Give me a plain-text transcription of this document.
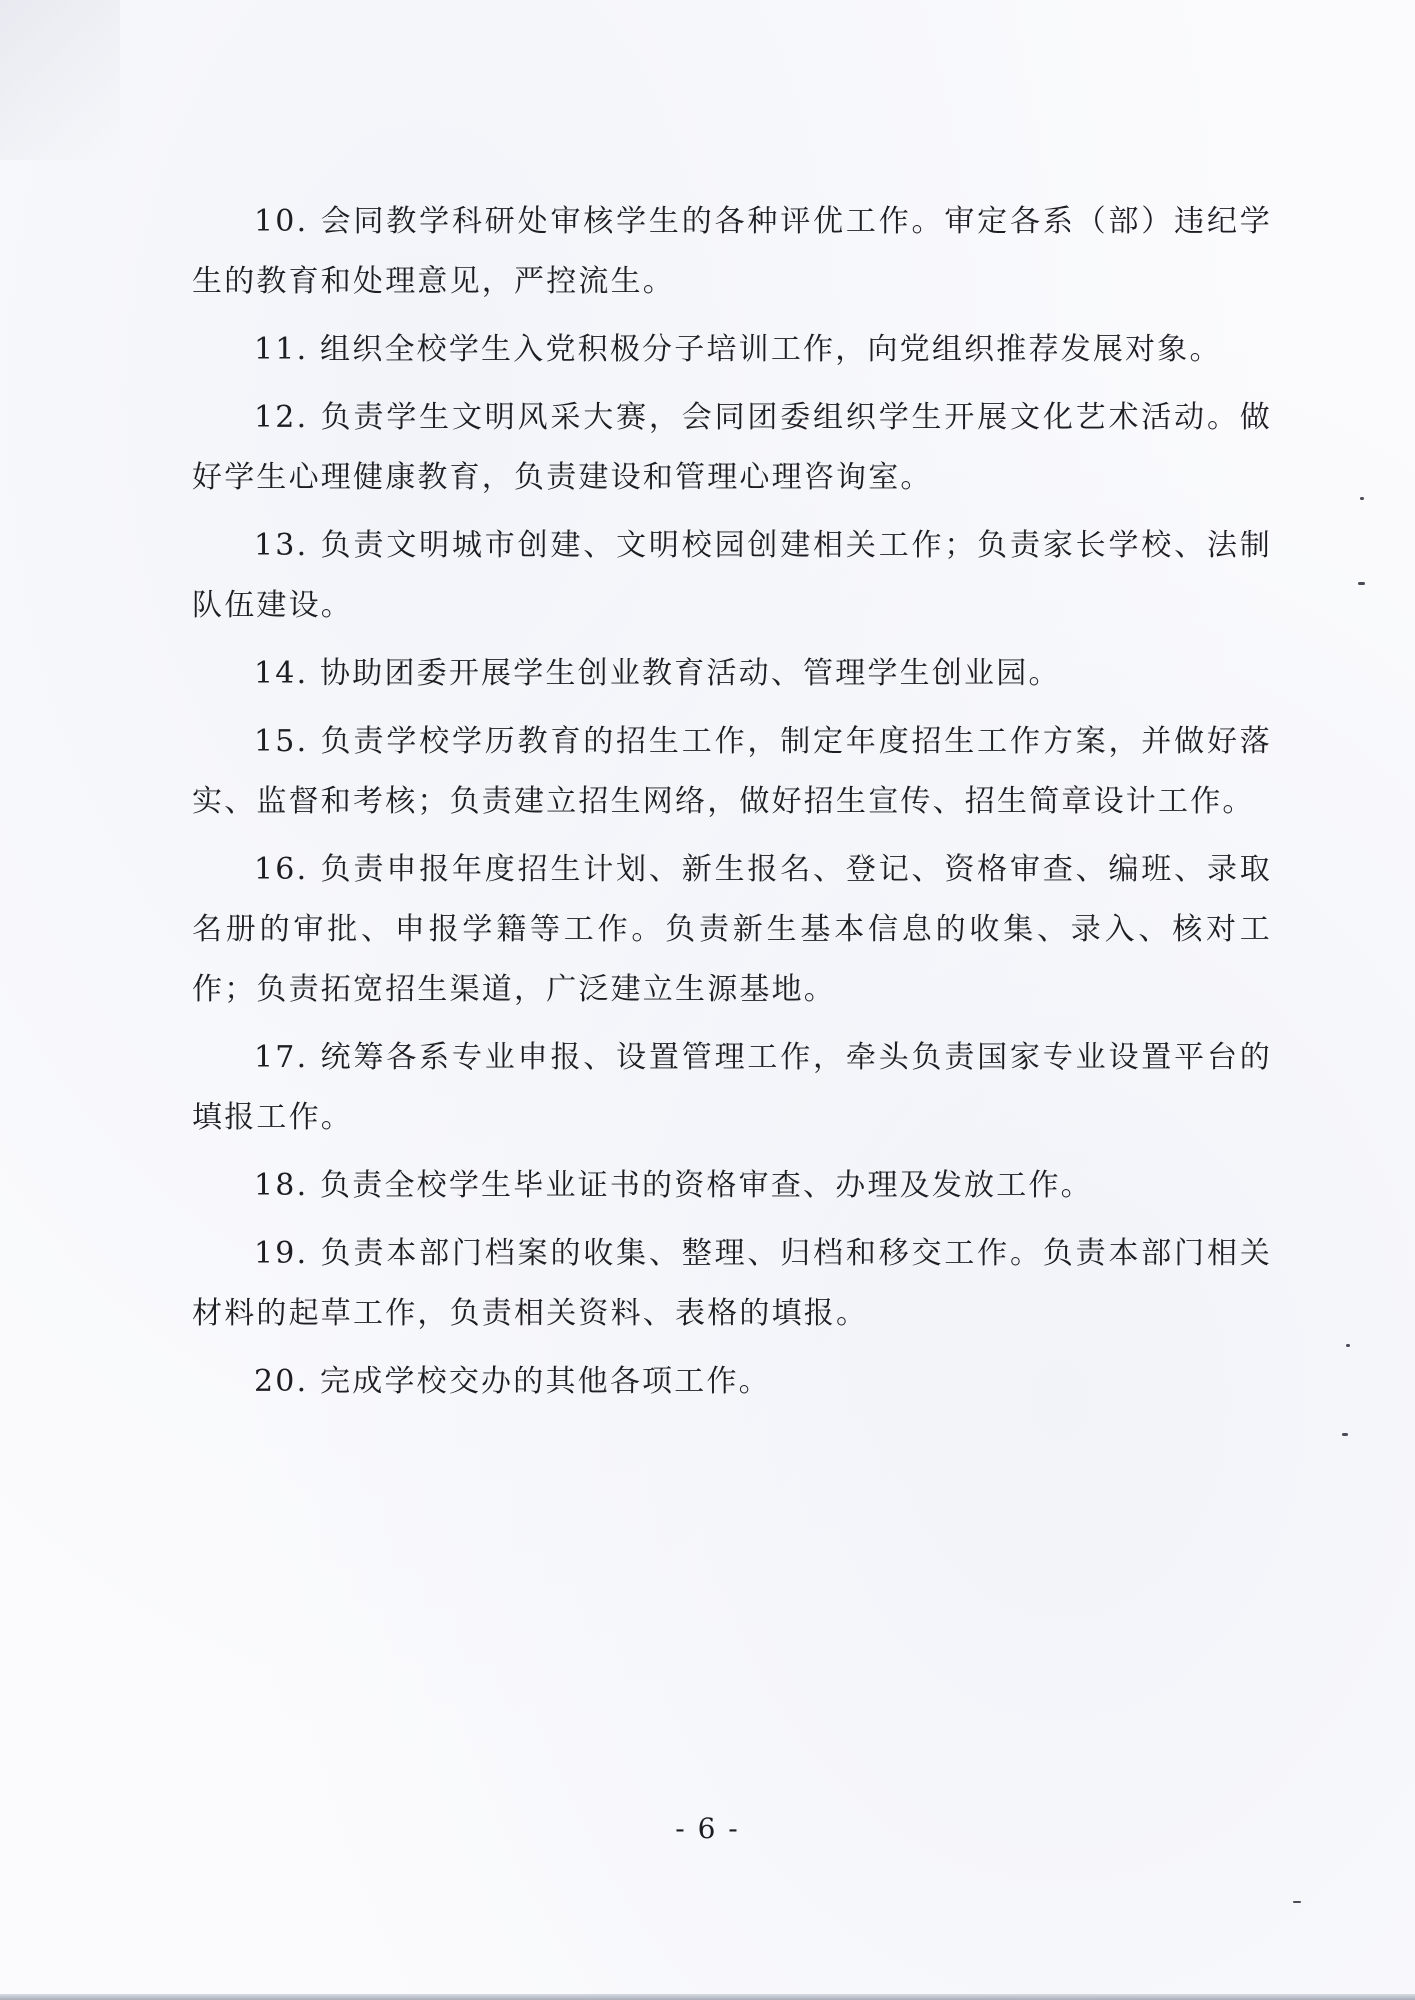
10. 会同教学科研处审核学生的各种评优工作。审定各系（部）违纪学生的教育和处理意见，严控流生。

11. 组织全校学生入党积极分子培训工作，向党组织推荐发展对象。

12. 负责学生文明风采大赛，会同团委组织学生开展文化艺术活动。做好学生心理健康教育，负责建设和管理心理咨询室。

13. 负责文明城市创建、文明校园创建相关工作；负责家长学校、法制队伍建设。

14. 协助团委开展学生创业教育活动、管理学生创业园。

15. 负责学校学历教育的招生工作，制定年度招生工作方案，并做好落实、监督和考核；负责建立招生网络，做好招生宣传、招生简章设计工作。

16. 负责申报年度招生计划、新生报名、登记、资格审查、编班、录取名册的审批、申报学籍等工作。负责新生基本信息的收集、录入、核对工作；负责拓宽招生渠道，广泛建立生源基地。

17. 统筹各系专业申报、设置管理工作，牵头负责国家专业设置平台的填报工作。

18. 负责全校学生毕业证书的资格审查、办理及发放工作。

19. 负责本部门档案的收集、整理、归档和移交工作。负责本部门相关材料的起草工作，负责相关资料、表格的填报。

20. 完成学校交办的其他各项工作。

- 6 -
